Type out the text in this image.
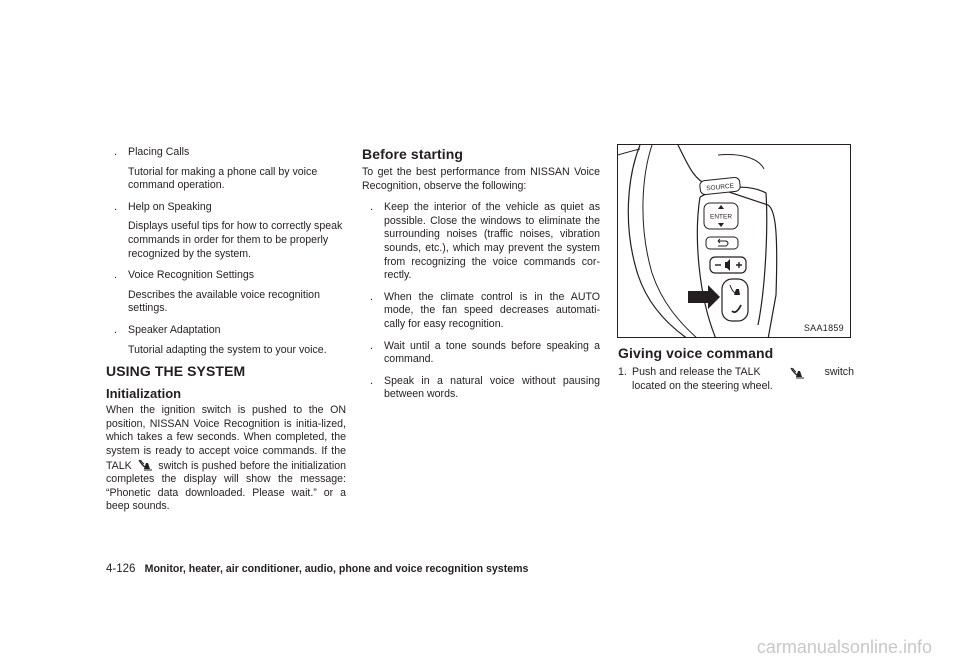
. Placing Calls

Tutorial for making a phone call by voice command operation.

. Help on Speaking

Displays useful tips for how to correctly speak commands in order for them to be properly recognized by the system.

. Voice Recognition Settings

Describes the available voice recognition settings.

. Speaker Adaptation

Tutorial adapting the system to your voice.

USING THE SYSTEM
Initialization

When the ignition switch is pushed to the ON position, NISSAN Voice Recognition is initia-lized, which takes a few seconds. When completed, the system is ready to accept voice commands. If the TALK	switch is pushed before the initialization completes the display will show the message: “Phonetic data downloaded. Please wait.” or a beep sounds.

Before starting

To get the best performance from NISSAN Voice Recognition, observe the following:

. Keep the interior of the vehicle as quiet as possible. Close the windows to eliminate the surrounding noises (traffic noises, vibration sounds, etc.), which may prevent the system from recognizing the voice commands cor-rectly.

. When the climate control is in the AUTO mode, the fan speed decreases automati-cally for easy recognition.

. Wait until a tone sounds before speaking a command.

. Speak in a natural voice without pausing between words.

SOURCE
ENTER
SAA1859
Giving voice command
1. Push and release the TALK	switch

located on the steering wheel.

4-126 Monitor, heater, air conditioner, audio, phone and voice recognition systems
carmanualsonline.info
